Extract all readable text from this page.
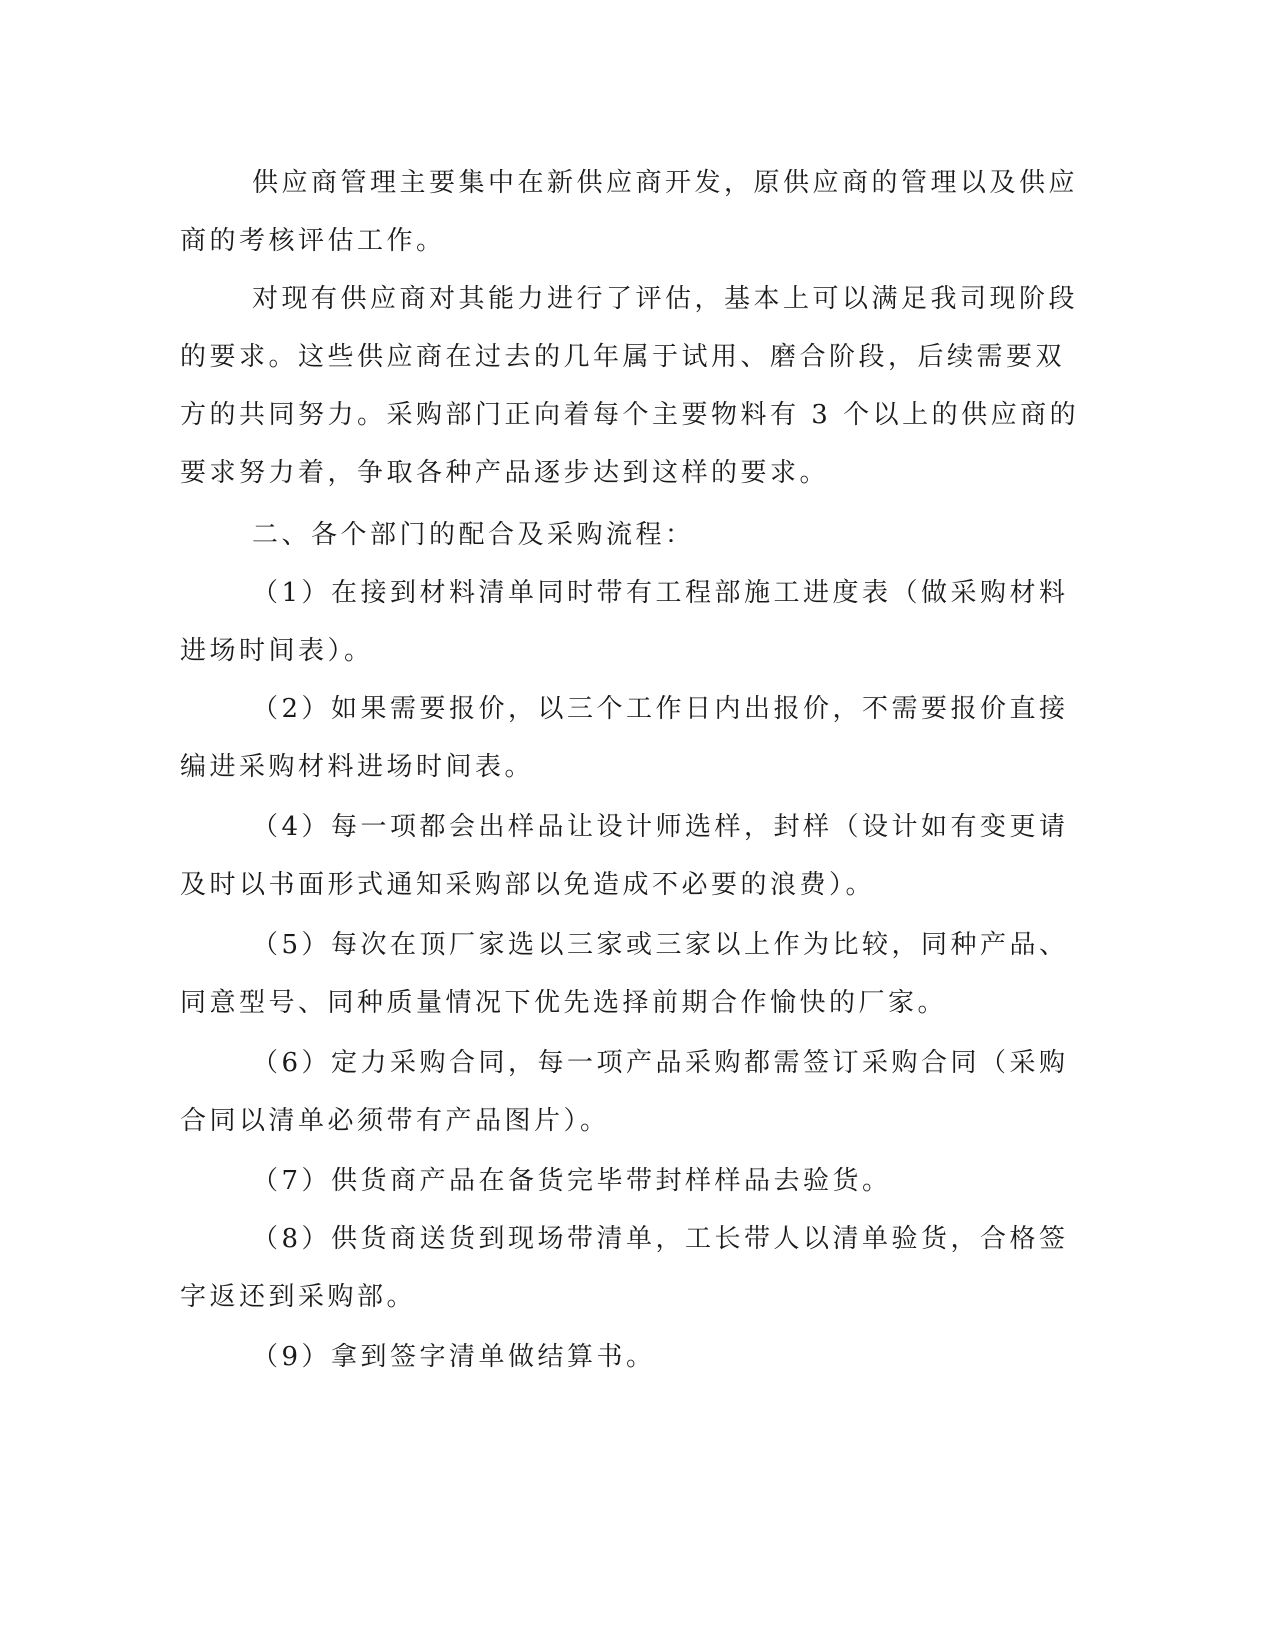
供应商管理主要集中在新供应商开发，原供应商的管理以及供应
商的考核评估工作。
对现有供应商对其能力进行了评估，基本上可以满足我司现阶段
的要求。这些供应商在过去的几年属于试用、磨合阶段，后续需要双
方的共同努力。采购部门正向着每个主要物料有 3 个以上的供应商的
要求努力着，争取各种产品逐步达到这样的要求。
二、各个部门的配合及采购流程：
（1）在接到材料清单同时带有工程部施工进度表（做采购材料
进场时间表）。
（2）如果需要报价，以三个工作日内出报价，不需要报价直接
编进采购材料进场时间表。
（4）每一项都会出样品让设计师选样，封样（设计如有变更请
及时以书面形式通知采购部以免造成不必要的浪费）。
（5）每次在顶厂家选以三家或三家以上作为比较，同种产品、
同意型号、同种质量情况下优先选择前期合作愉快的厂家。
（6）定力采购合同，每一项产品采购都需签订采购合同（采购
合同以清单必须带有产品图片）。
（7）供货商产品在备货完毕带封样样品去验货。
（8）供货商送货到现场带清单，工长带人以清单验货，合格签
字返还到采购部。
（9）拿到签字清单做结算书。
